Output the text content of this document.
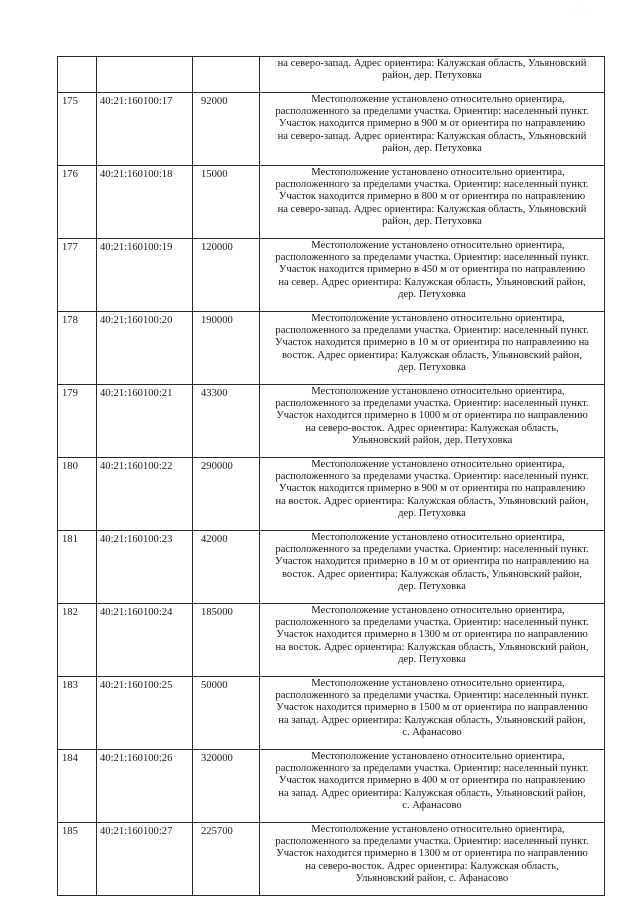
· · ·

			на северо-запад. Адрес ориентира: Калужская область, Ульяновский
район, дер. Петуховка

175	40:21:160100:17	92000	Местоположение установлено относительно ориентира,
расположенного за пределами участка. Ориентир: населенный пункт.
Участок находится примерно в 900 м от ориентира по направлению
на северо-запад. Адрес ориентира: Калужская область, Ульяновский
район, дер. Петуховка

176	40:21:160100:18	15000	Местоположение установлено относительно ориентира,
расположенного за пределами участка. Ориентир: населенный пункт.
Участок находится примерно в 800 м от ориентира по направлению
на северо-запад. Адрес ориентира: Калужская область, Ульяновский
район, дер. Петуховка

177	40:21:160100:19	120000	Местоположение установлено относительно ориентира,
расположенного за пределами участка. Ориентир: населенный пункт.
Участок находится примерно в 450 м от ориентира по направлению
на север. Адрес ориентира: Калужская область, Ульяновский район,
дер. Петуховка

178	40:21:160100:20	190000	Местоположение установлено относительно ориентира,
расположенного за пределами участка. Ориентир: населенный пункт.
Участок находится примерно в 10 м от ориентира по направлению на
восток. Адрес ориентира: Калужская область, Ульяновский район,
дер. Петуховка

179	40:21:160100:21	43300	Местоположение установлено относительно ориентира,
расположенного за пределами участка. Ориентир: населенный пункт.
Участок находится примерно в 1000 м от ориентира по направлению
на северо-восток. Адрес ориентира: Калужская область,
Ульяновский район, дер. Петуховка

180	40:21:160100:22	290000	Местоположение установлено относительно ориентира,
расположенного за пределами участка. Ориентир: населенный пункт.
Участок находится примерно в 900 м от ориентира по направлению
на восток. Адрес ориентира: Калужская область, Ульяновский район,
дер. Петуховка

181	40:21:160100:23	42000	Местоположение установлено относительно ориентира,
расположенного за пределами участка. Ориентир: населенный пункт.
Участок находится примерно в 10 м от ориентира по направлению на
восток. Адрес ориентира: Калужская область, Ульяновский район,
дер. Петуховка

182	40:21:160100:24	185000	Местоположение установлено относительно ориентира,
расположенного за пределами участка. Ориентир: населенный пункт.
Участок находится примерно в 1300 м от ориентира по направлению
на восток. Адрес ориентира: Калужская область, Ульяновский район,
дер. Петуховка

183	40:21:160100:25	50000	Местоположение установлено относительно ориентира,
расположенного за пределами участка. Ориентир: населенный пункт.
Участок находится примерно в 1500 м от ориентира по направлению
на запад. Адрес ориентира: Калужская область, Ульяновский район,
с. Афанасово

184	40:21:160100:26	320000	Местоположение установлено относительно ориентира,
расположенного за пределами участка. Ориентир: населенный пункт.
Участок находится примерно в 400 м от ориентира по направлению
на запад. Адрес ориентира: Калужская область, Ульяновский район,
с. Афанасово

185	40:21:160100:27	225700	Местоположение установлено относительно ориентира,
расположенного за пределами участка. Ориентир: населенный пункт.
Участок находится примерно в 1300 м от ориентира по направлению
на северо-восток. Адрес ориентира: Калужская область,
Ульяновский район, с. Афанасово
